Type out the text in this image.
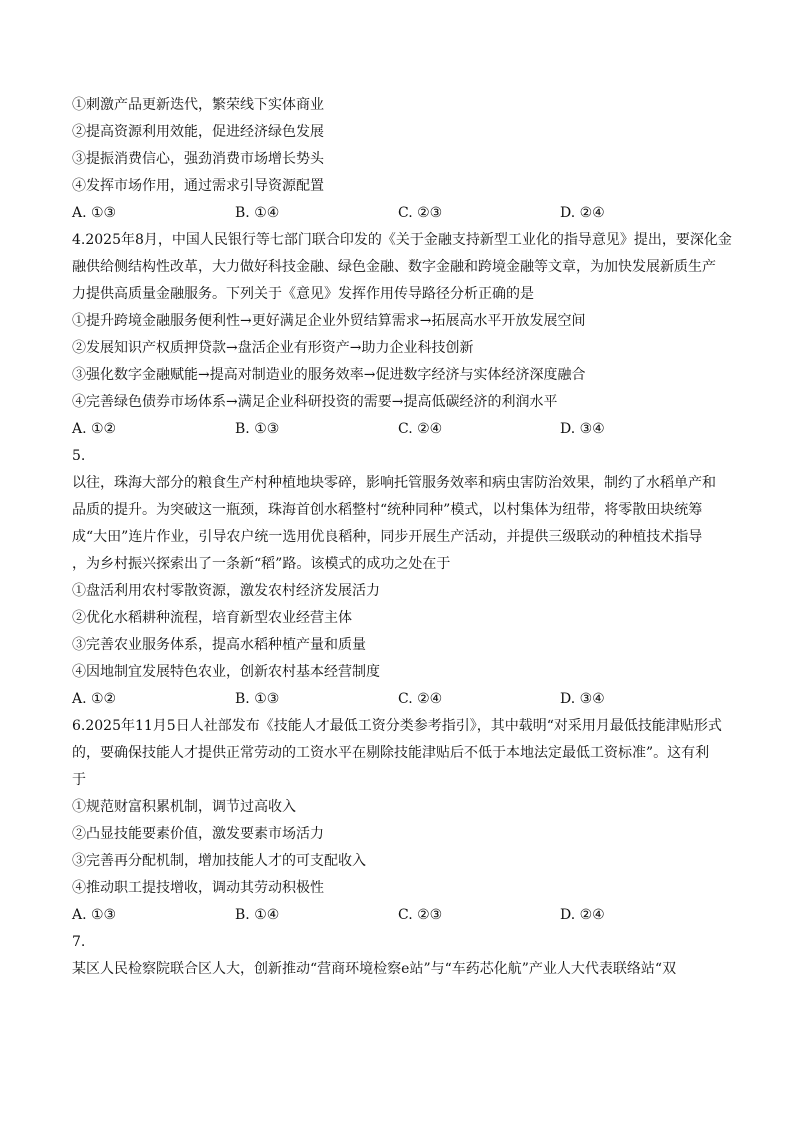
①刺激产品更新迭代，繁荣线下实体商业
②提高资源利用效能，促进经济绿色发展
③提振消费信心，强劲消费市场增长势头
④发挥市场作用，通过需求引导资源配置
A. ①③	B. ①④	C. ②③	D. ②④
4.2025年8月，中国人民银行等七部门联合印发的《关于金融支持新型工业化的指导意见》提出，要深化金
融供给侧结构性改革，大力做好科技金融、绿色金融、数字金融和跨境金融等文章，为加快发展新质生产
力提供高质量金融服务。下列关于《意见》发挥作用传导路径分析正确的是
①提升跨境金融服务便利性→更好满足企业外贸结算需求→拓展高水平开放发展空间
②发展知识产权质押贷款→盘活企业有形资产→助力企业科技创新
③强化数字金融赋能→提高对制造业的服务效率→促进数字经济与实体经济深度融合
④完善绿色债券市场体系→满足企业科研投资的需要→提高低碳经济的利润水平
A. ①②	B. ①③	C. ②④	D. ③④
5.
以往，珠海大部分的粮食生产村种植地块零碎，影响托管服务效率和病虫害防治效果，制约了水稻单产和
品质的提升。为突破这一瓶颈，珠海首创水稻整村“统种同种”模式，以村集体为纽带，将零散田块统筹
成“大田”连片作业，引导农户统一选用优良稻种，同步开展生产活动，并提供三级联动的种植技术指导
，为乡村振兴探索出了一条新“稻”路。该模式的成功之处在于
①盘活利用农村零散资源，激发农村经济发展活力
②优化水稻耕种流程，培育新型农业经营主体
③完善农业服务体系，提高水稻种植产量和质量
④因地制宜发展特色农业，创新农村基本经营制度
A. ①②	B. ①③	C. ②④	D. ③④
6.2025年11月5日人社部发布《技能人才最低工资分类参考指引》，其中载明“对采用月最低技能津贴形式
的，要确保技能人才提供正常劳动的工资水平在剔除技能津贴后不低于本地法定最低工资标准”。这有利
于
①规范财富积累机制，调节过高收入
②凸显技能要素价值，激发要素市场活力
③完善再分配机制，增加技能人才的可支配收入
④推动职工提技增收，调动其劳动积极性
A. ①③	B. ①④	C. ②③	D. ②④
7.
某区人民检察院联合区人大，创新推动“营商环境检察e站”与“车药芯化航”产业人大代表联络站“双
